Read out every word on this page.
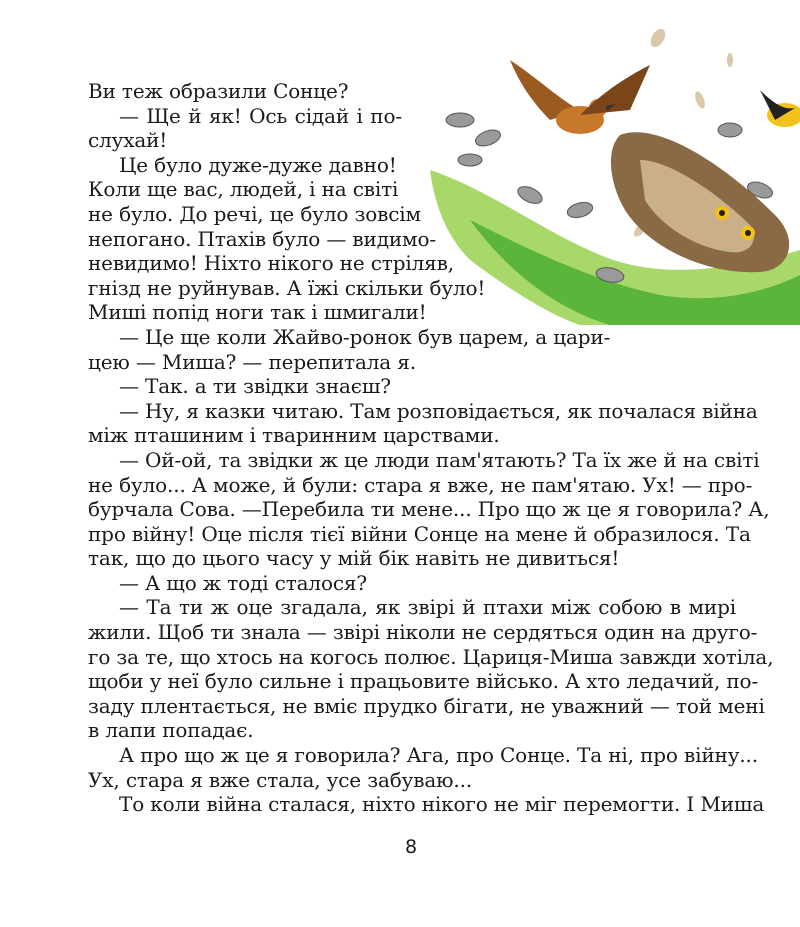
Ви теж образили Сонце?
— Ще й як! Ось сідай і по-
слухай!
Це було дуже-дуже давно!
Коли ще вас, людей, і на світі
не було. До речі, це було зовсім
непогано. Птахів було — видимо-
невидимо! Ніхто нікого не стріляв,
гнізд не руйнував. А їжі скільки було!
Миші попід ноги так і шмигали!
— Це ще коли Жайво-ронок був царем, а цари-
цею — Миша? — перепитала я.
— Так. а ти звідки знаєш?
— Ну, я казки читаю. Там розповідається, як почалася війна
між пташиним і тваринним царствами.
— Ой-ой, та звідки ж це люди пам'ятають? Та їх же й на світі
не було... А може, й були: стара я вже, не пам'ятаю. Ух! — про-
бурчала Сова. —Перебила ти мене... Про що ж це я говорила? А,
про війну! Оце після тієї війни Сонце на мене й образилося. Та
так, що до цього часу у мій бік навіть не дивиться!
— А що ж тоді сталося?
— Та ти ж оце згадала, як звірі й птахи між собою в мирі
жили. Щоб ти знала — звірі ніколи не сердяться один на друго-
го за те, що хтось на когось полює. Цариця-Миша завжди хотіла,
щоби у неї було сильне і працьовите військо. А хто ледачий, по-
заду плентається, не вміє прудко бігати, не уважний — той мені
в лапи попадає.
А про що ж це я говорила? Ага, про Сонце. Та ні, про війну...
Ух, стара я вже стала, усе забуваю...
То коли війна сталася, ніхто нікого не міг перемогти. І Миша
8
